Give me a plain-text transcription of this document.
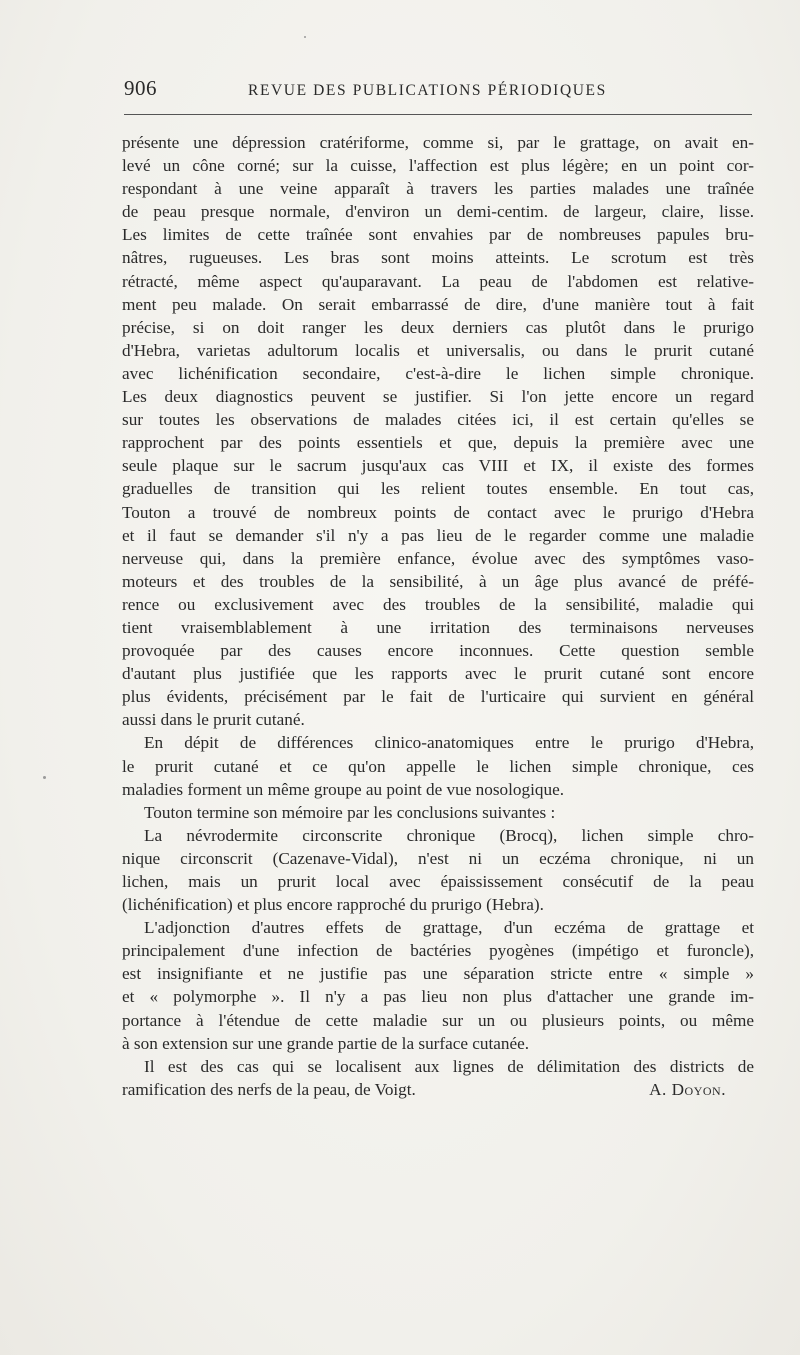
906	REVUE DES PUBLICATIONS PÉRIODIQUES
présente une dépression cratériforme, comme si, par le grattage, on avait en-
levé un cône corné; sur la cuisse, l'affection est plus légère; en un point cor-
respondant à une veine apparaît à travers les parties malades une traînée
de peau presque normale, d'environ un demi-centim. de largeur, claire, lisse.
Les limites de cette traînée sont envahies par de nombreuses papules bru-
nâtres, rugueuses. Les bras sont moins atteints. Le scrotum est très
rétracté, même aspect qu'auparavant. La peau de l'abdomen est relative-
ment peu malade. On serait embarrassé de dire, d'une manière tout à fait
précise, si on doit ranger les deux derniers cas plutôt dans le prurigo
d'Hebra, varietas adultorum localis et universalis, ou dans le prurit cutané
avec lichénification secondaire, c'est-à-dire le lichen simple chronique.
Les deux diagnostics peuvent se justifier. Si l'on jette encore un regard
sur toutes les observations de malades citées ici, il est certain qu'elles se
rapprochent par des points essentiels et que, depuis la première avec une
seule plaque sur le sacrum jusqu'aux cas VIII et IX, il existe des formes
graduelles de transition qui les relient toutes ensemble. En tout cas,
Touton a trouvé de nombreux points de contact avec le prurigo d'Hebra
et il faut se demander s'il n'y a pas lieu de le regarder comme une maladie
nerveuse qui, dans la première enfance, évolue avec des symptômes vaso-
moteurs et des troubles de la sensibilité, à un âge plus avancé de préfé-
rence ou exclusivement avec des troubles de la sensibilité, maladie qui
tient vraisemblablement à une irritation des terminaisons nerveuses
provoquée par des causes encore inconnues. Cette question semble
d'autant plus justifiée que les rapports avec le prurit cutané sont encore
plus évidents, précisément par le fait de l'urticaire qui survient en général
aussi dans le prurit cutané.
En dépit de différences clinico-anatomiques entre le prurigo d'Hebra,
le prurit cutané et ce qu'on appelle le lichen simple chronique, ces
maladies forment un même groupe au point de vue nosologique.
Touton termine son mémoire par les conclusions suivantes :
La névrodermite circonscrite chronique (Brocq), lichen simple chro-
nique circonscrit (Cazenave-Vidal), n'est ni un eczéma chronique, ni un
lichen, mais un prurit local avec épaississement consécutif de la peau
(lichénification) et plus encore rapproché du prurigo (Hebra).
L'adjonction d'autres effets de grattage, d'un eczéma de grattage et
principalement d'une infection de bactéries pyogènes (impétigo et furoncle),
est insignifiante et ne justifie pas une séparation stricte entre « simple »
et « polymorphe ». Il n'y a pas lieu non plus d'attacher une grande im-
portance à l'étendue de cette maladie sur un ou plusieurs points, ou même
à son extension sur une grande partie de la surface cutanée.
Il est des cas qui se localisent aux lignes de délimitation des districts de
ramification des nerfs de la peau, de Voigt.	A. Doyon.
